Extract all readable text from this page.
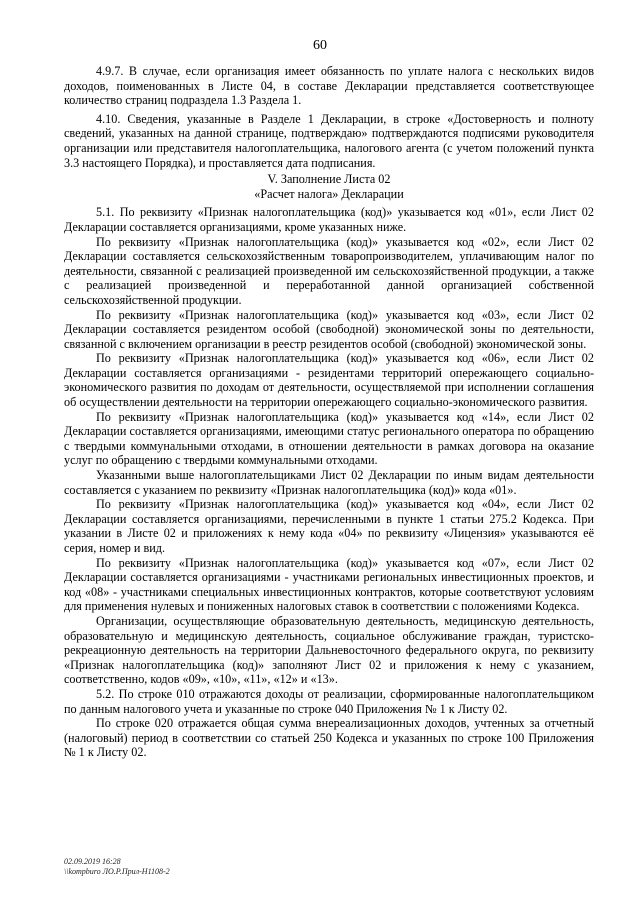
60

4.9.7. В случае, если организация имеет обязанность по уплате налога с нескольких видов доходов, поименованных в Листе 04, в составе Декларации представляется соответствующее количество страниц подраздела 1.3 Раздела 1.

4.10. Сведения, указанные в Разделе 1 Декларации, в строке «Достоверность и полноту сведений, указанных на данной странице, подтверждаю» подтверждаются подписями руководителя организации или представителя налогоплательщика, налогового агента (с учетом положений пункта 3.3 настоящего Порядка), и проставляется дата подписания.

V. Заполнение Листа 02
«Расчет налога» Декларации

5.1. По реквизиту «Признак налогоплательщика (код)» указывается код «01», если Лист 02 Декларации составляется организациями, кроме указанных ниже.

По реквизиту «Признак налогоплательщика (код)» указывается код «02», если Лист 02 Декларации составляется сельскохозяйственным товаропроизводителем, уплачивающим налог по деятельности, связанной с реализацией произведенной им сельскохозяйственной продукции, а также с реализацией произведенной и переработанной данной организацией собственной сельскохозяйственной продукции.

По реквизиту «Признак налогоплательщика (код)» указывается код «03», если Лист 02 Декларации составляется резидентом особой (свободной) экономической зоны по деятельности, связанной с включением организации в реестр резидентов особой (свободной) экономической зоны.

По реквизиту «Признак налогоплательщика (код)» указывается код «06», если Лист 02 Декларации составляется организациями - резидентами территорий опережающего социально-экономического развития по доходам от деятельности, осуществляемой при исполнении соглашения об осуществлении деятельности на территории опережающего социально-экономического развития.

По реквизиту «Признак налогоплательщика (код)» указывается код «14», если Лист 02 Декларации составляется организациями, имеющими статус регионального оператора по обращению с твердыми коммунальными отходами, в отношении деятельности в рамках договора на оказание услуг по обращению с твердыми коммунальными отходами.

Указанными выше налогоплательщиками Лист 02 Декларации по иным видам деятельности составляется с указанием по реквизиту «Признак налогоплательщика (код)» кода «01».

По реквизиту «Признак налогоплательщика (код)» указывается код «04», если Лист 02 Декларации составляется организациями, перечисленными в пункте 1 статьи 275.2 Кодекса. При указании в Листе 02 и приложениях к нему кода «04» по реквизиту «Лицензия» указываются её серия, номер и вид.

По реквизиту «Признак налогоплательщика (код)» указывается код «07», если Лист 02 Декларации составляется организациями - участниками региональных инвестиционных проектов, и код «08» - участниками специальных инвестиционных контрактов, которые соответствуют условиям для применения нулевых и пониженных налоговых ставок в соответствии с положениями Кодекса.

Организации, осуществляющие образовательную деятельность, медицинскую деятельность, образовательную и медицинскую деятельность, социальное обслуживание граждан, туристско-рекреационную деятельность на территории Дальневосточного федерального округа, по реквизиту «Признак налогоплательщика (код)» заполняют Лист 02 и приложения к нему с указанием, соответственно, кодов «09», «10», «11», «12» и «13».

5.2. По строке 010 отражаются доходы от реализации, сформированные налогоплательщиком по данным налогового учета и указанные по строке 040 Приложения № 1 к Листу 02.

По строке 020 отражается общая сумма внереализационных доходов, учтенных за отчетный (налоговый) период в соответствии со статьей 250 Кодекса и указанных по строке 100 Приложения № 1 к Листу 02.

02.09.2019 16:28
\\kompburo ЛО.Р.Прил-Н1108-2
